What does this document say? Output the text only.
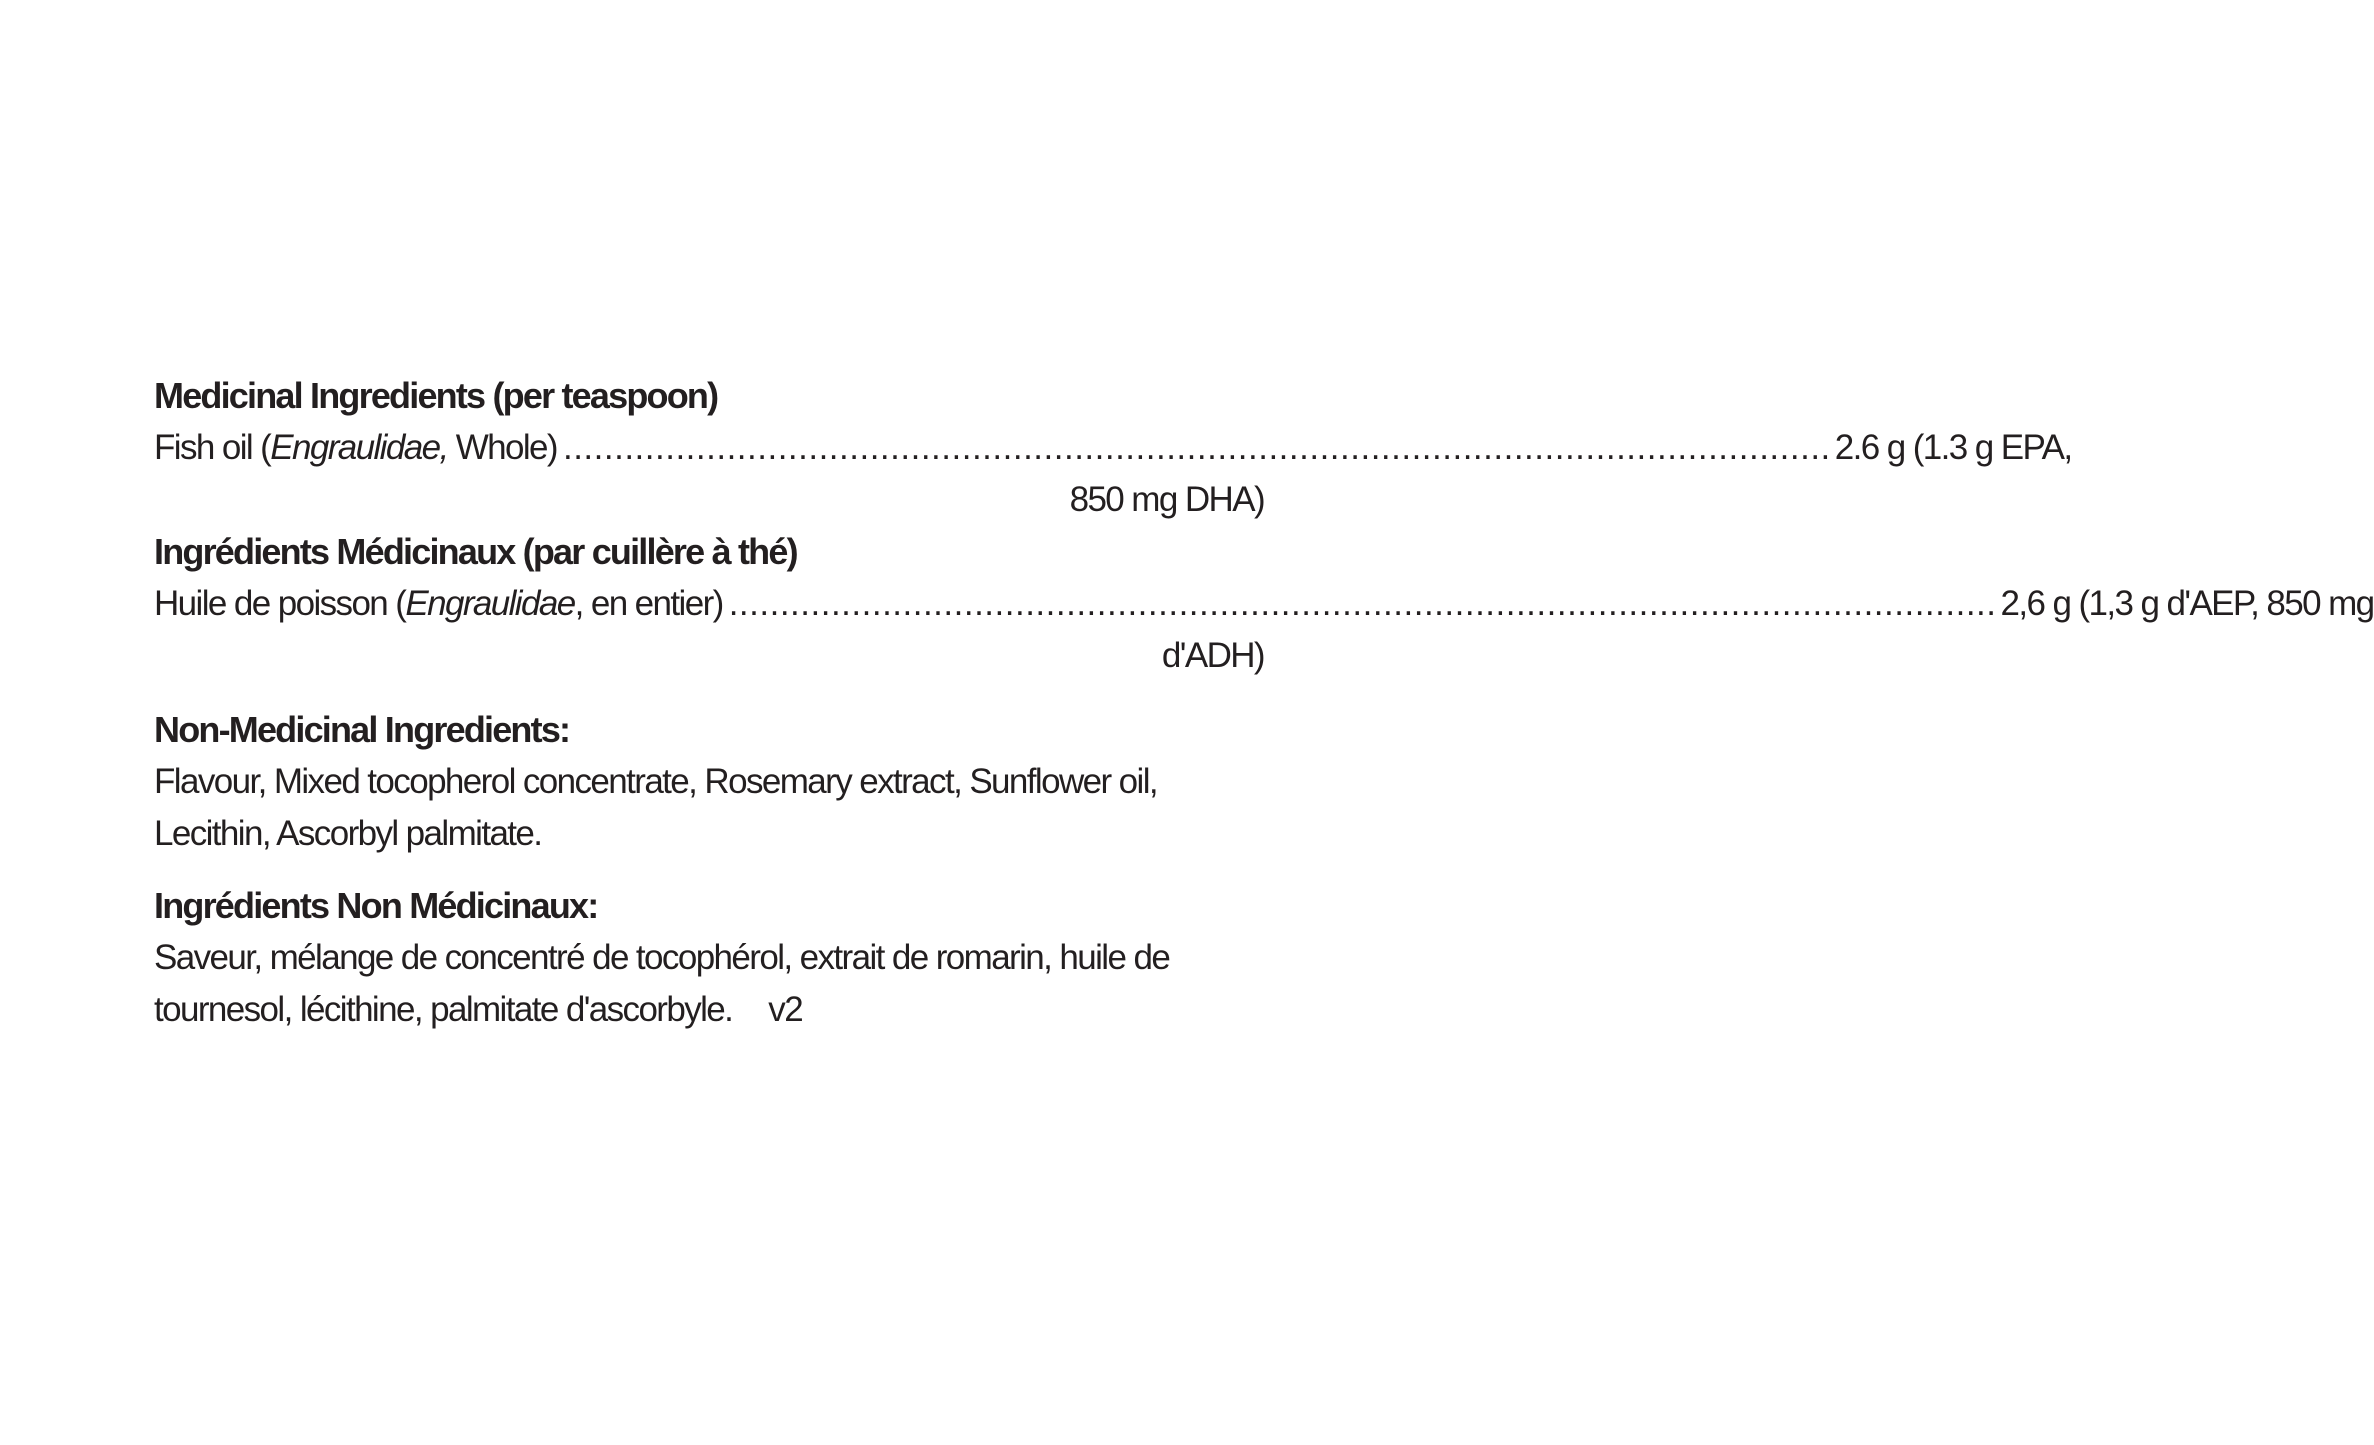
Medicinal Ingredients (per teaspoon)
Fish oil (Engraulidae, Whole) ............................................................................................................................ 2.6 g (1.3 g EPA,
850 mg DHA)
Ingrédients Médicinaux (par cuillère à thé)
Huile de poisson (Engraulidae, en entier) ............................................................................................................................ 2,6 g (1,3 g d'AEP, 850 mg
d'ADH)
Non-Medicinal Ingredients:
Flavour, Mixed tocopherol concentrate, Rosemary extract, Sunflower oil,
Lecithin, Ascorbyl palmitate.
Ingrédients Non Médicinaux:
Saveur, mélange de concentré de tocophérol, extrait de romarin, huile de
tournesol, lécithine, palmitate d'ascorbyle. v2
